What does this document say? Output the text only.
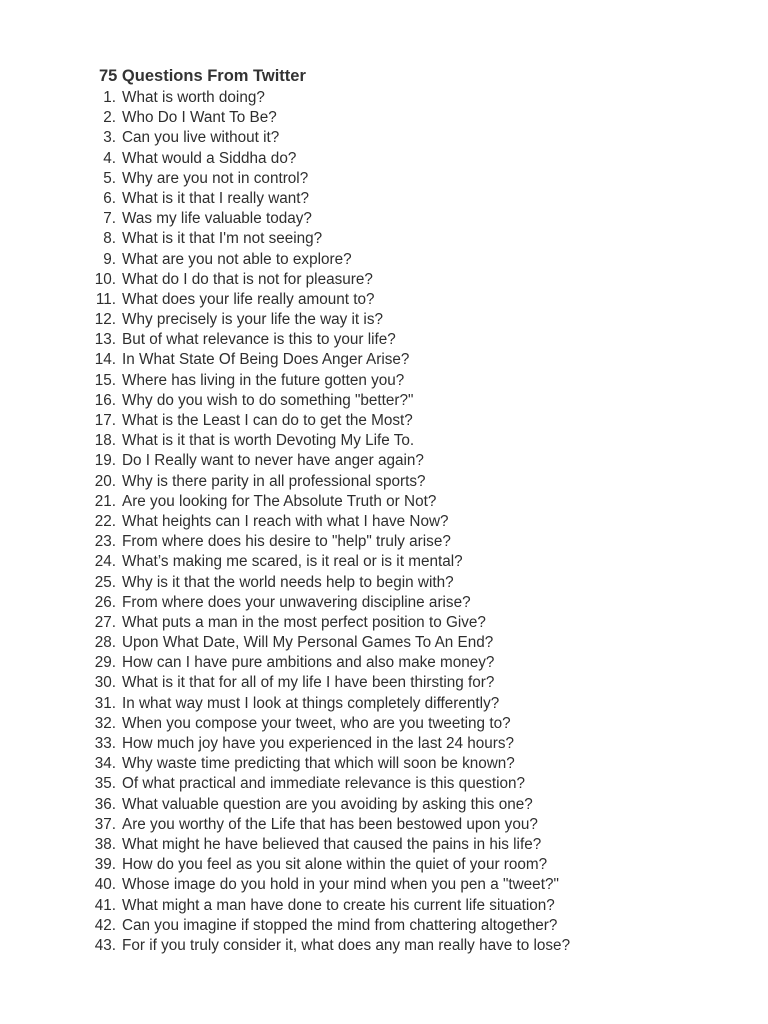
75 Questions From Twitter
1. What is worth doing?
2. Who Do I Want To Be?
3. Can you live without it?
4. What would a Siddha do?
5. Why are you not in control?
6. What is it that I really want?
7. Was my life valuable today?
8. What is it that I'm not seeing?
9. What are you not able to explore?
10. What do I do that is not for pleasure?
11. What does your life really amount to?
12. Why precisely is your life the way it is?
13. But of what relevance is this to your life?
14. In What State Of Being Does Anger Arise?
15. Where has living in the future gotten you?
16. Why do you wish to do something "better?"
17. What is the Least I can do to get the Most?
18. What is it that is worth Devoting My Life To.
19. Do I Really want to never have anger again?
20. Why is there parity in all professional sports?
21. Are you looking for The Absolute Truth or Not?
22. What heights can I reach with what I have Now?
23. From where does his desire to "help" truly arise?
24. What’s making me scared, is it real or is it mental?
25. Why is it that the world needs help to begin with?
26. From where does your unwavering discipline arise?
27. What puts a man in the most perfect position to Give?
28. Upon What Date, Will My Personal Games To An End?
29. How can I have pure ambitions and also make money?
30. What is it that for all of my life I have been thirsting for?
31. In what way must I look at things completely differently?
32. When you compose your tweet, who are you tweeting to?
33. How much joy have you experienced in the last 24 hours?
34. Why waste time predicting that which will soon be known?
35. Of what practical and immediate relevance is this question?
36. What valuable question are you avoiding by asking this one?
37. Are you worthy of the Life that has been bestowed upon you?
38. What might he have believed that caused the pains in his life?
39. How do you feel as you sit alone within the quiet of your room?
40. Whose image do you hold in your mind when you pen a "tweet?"
41. What might a man have done to create his current life situation?
42. Can you imagine if stopped the mind from chattering altogether?
43. For if you truly consider it, what does any man really have to lose?
